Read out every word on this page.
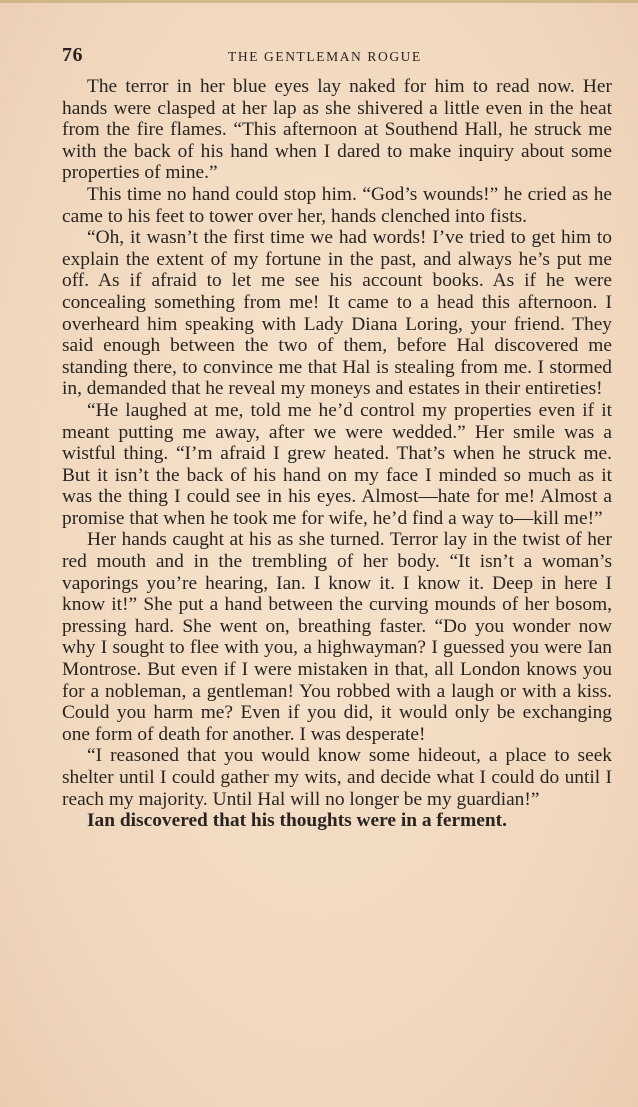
76	THE GENTLEMAN ROGUE

The terror in her blue eyes lay naked for him to read now. Her hands were clasped at her lap as she shivered a little even in the heat from the fire flames. “This afternoon at Southend Hall, he struck me with the back of his hand when I dared to make inquiry about some properties of mine.”

This time no hand could stop him. “God’s wounds!” he cried as he came to his feet to tower over her, hands clenched into fists.

“Oh, it wasn’t the first time we had words! I’ve tried to get him to explain the extent of my fortune in the past, and always he’s put me off. As if afraid to let me see his account books. As if he were concealing something from me! It came to a head this afternoon. I overheard him speaking with Lady Diana Loring, your friend. They said enough between the two of them, before Hal discovered me standing there, to convince me that Hal is stealing from me. I stormed in, demanded that he reveal my moneys and estates in their entireties!

“He laughed at me, told me he’d control my properties even if it meant putting me away, after we were wedded.” Her smile was a wistful thing. “I’m afraid I grew heated. That’s when he struck me. But it isn’t the back of his hand on my face I minded so much as it was the thing I could see in his eyes. Almost—hate for me! Almost a promise that when he took me for wife, he’d find a way to—kill me!”

Her hands caught at his as she turned. Terror lay in the twist of her red mouth and in the trembling of her body. “It isn’t a woman’s vaporings you’re hearing, Ian. I know it. I know it. Deep in here I know it!” She put a hand between the curving mounds of her bosom, pressing hard. She went on, breathing faster. “Do you wonder now why I sought to flee with you, a highwayman? I guessed you were Ian Montrose. But even if I were mistaken in that, all London knows you for a nobleman, a gentleman! You robbed with a laugh or with a kiss. Could you harm me? Even if you did, it would only be exchanging one form of death for another. I was desperate!

“I reasoned that you would know some hideout, a place to seek shelter until I could gather my wits, and decide what I could do until I reach my majority. Until Hal will no longer be my guardian!”

Ian discovered that his thoughts were in a ferment.
